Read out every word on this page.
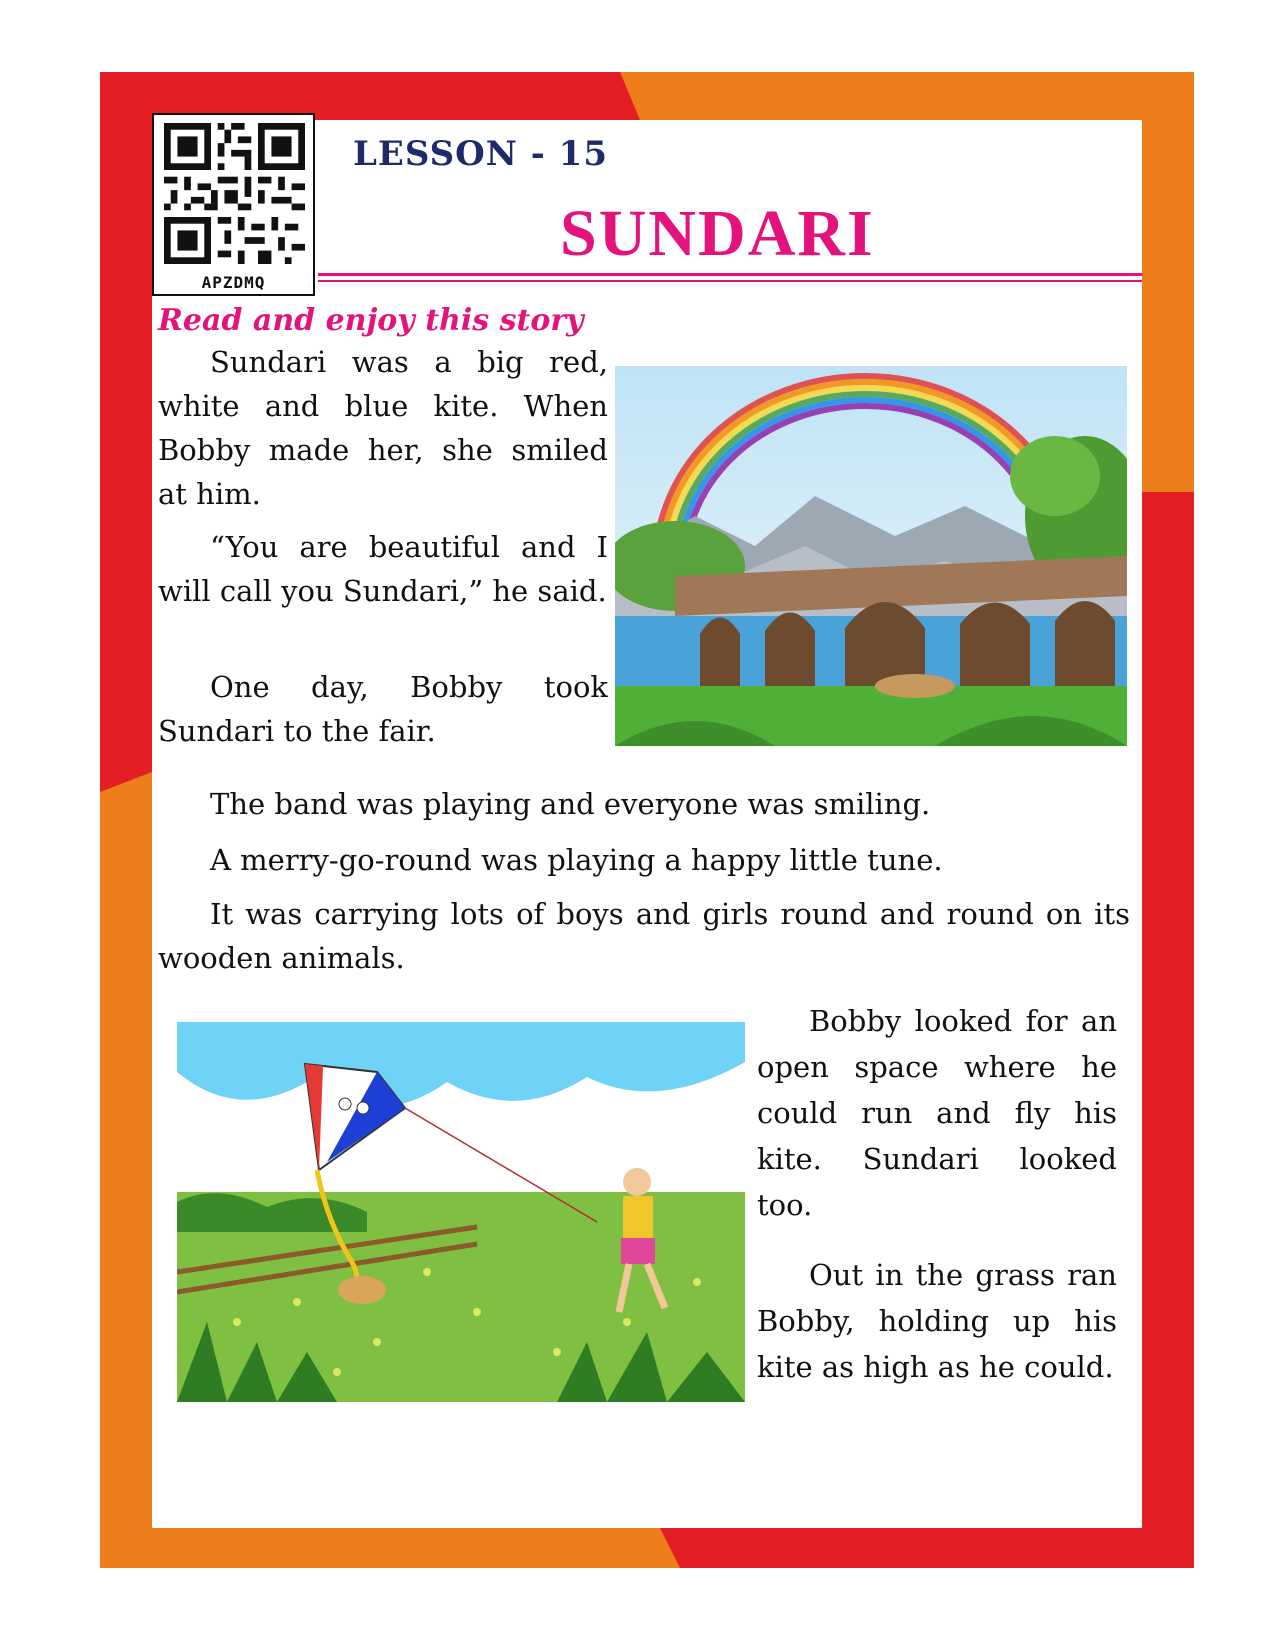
APZDMQ
LESSON - 15
SUNDARI

Read and enjoy this story

Sundari was a big red, white and blue kite. When Bobby made her, she smiled at him.

“You are beautiful and I will call you Sundari,” he said.

One day, Bobby took Sundari to the fair.

The band was playing and everyone was smiling.

A merry-go-round was playing a happy little tune.

It was carrying lots of boys and girls round and round on its wooden animals.

Bobby looked for an open space where he could run and fly his kite. Sundari looked too.

Out in the grass ran Bobby, holding up his kite as high as he could.
